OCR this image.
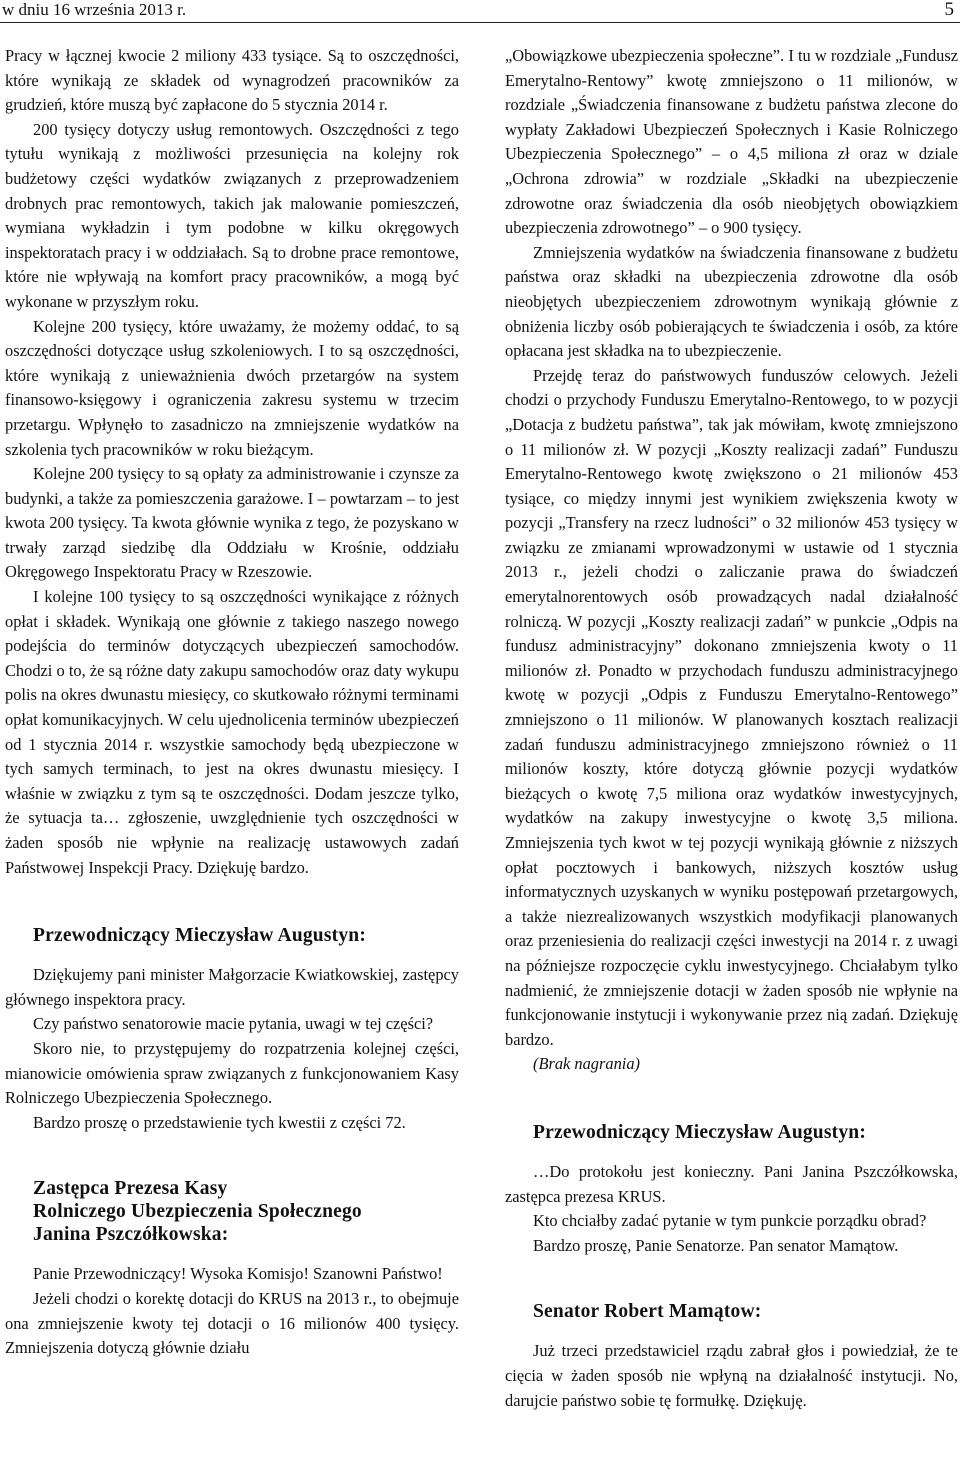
w dniu 16 września 2013 r.	5

Pracy w łącznej kwocie 2 miliony 433 tysiące. Są to oszczędności, które wynikają ze składek od wynagrodzeń pracowników za grudzień, które muszą być zapłacone do 5 stycznia 2014 r.

200 tysięcy dotyczy usług remontowych. Oszczędności z tego tytułu wynikają z możliwości przesunięcia na kolejny rok budżetowy części wydatków związanych z przeprowadzeniem drobnych prac remontowych, takich jak malowanie pomieszczeń, wymiana wykładzin i tym podobne w kilku okręgowych inspektoratach pracy i w oddziałach. Są to drobne prace remontowe, które nie wpływają na komfort pracy pracowników, a mogą być wykonane w przyszłym roku.

Kolejne 200 tysięcy, które uważamy, że możemy oddać, to są oszczędności dotyczące usług szkoleniowych. I to są oszczędności, które wynikają z unieważnienia dwóch przetargów na system finansowo-księgowy i ograniczenia zakresu systemu w trzecim przetargu. Wpłynęło to zasadniczo na zmniejszenie wydatków na szkolenia tych pracowników w roku bieżącym.

Kolejne 200 tysięcy to są opłaty za administrowanie i czynsze za budynki, a także za pomieszczenia garażowe. I – powtarzam – to jest kwota 200 tysięcy. Ta kwota głównie wynika z tego, że pozyskano w trwały zarząd siedzibę dla Oddziału w Krośnie, oddziału Okręgowego Inspektoratu Pracy w Rzeszowie.

I kolejne 100 tysięcy to są oszczędności wynikające z różnych opłat i składek. Wynikają one głównie z takiego naszego nowego podejścia do terminów dotyczących ubezpieczeń samochodów. Chodzi o to, że są różne daty zakupu samochodów oraz daty wykupu polis na okres dwunastu miesięcy, co skutkowało różnymi terminami opłat komunikacyjnych. W celu ujednolicenia terminów ubezpieczeń od 1 stycznia 2014 r. wszystkie samochody będą ubezpieczone w tych samych terminach, to jest na okres dwunastu miesięcy. I właśnie w związku z tym są te oszczędności. Dodam jeszcze tylko, że sytuacja ta… zgłoszenie, uwzględnienie tych oszczędności w żaden sposób nie wpłynie na realizację ustawowych zadań Państwowej Inspekcji Pracy. Dziękuję bardzo.

Przewodniczący Mieczysław Augustyn:

Dziękujemy pani minister Małgorzacie Kwiatkowskiej, zastępcy głównego inspektora pracy.

Czy państwo senatorowie macie pytania, uwagi w tej części?

Skoro nie, to przystępujemy do rozpatrzenia kolejnej części, mianowicie omówienia spraw związanych z funkcjonowaniem Kasy Rolniczego Ubezpieczenia Społecznego.

Bardzo proszę o przedstawienie tych kwestii z części 72.

Zastępca Prezesa Kasy
Rolniczego Ubezpieczenia Społecznego
Janina Pszczółkowska:

Panie Przewodniczący! Wysoka Komisjo! Szanowni Państwo!

Jeżeli chodzi o korektę dotacji do KRUS na 2013 r., to obejmuje ona zmniejszenie kwoty tej dotacji o 16 milionów 400 tysięcy. Zmniejszenia dotyczą głównie działu

„Obowiązkowe ubezpieczenia społeczne”. I tu w rozdziale „Fundusz Emerytalno-Rentowy” kwotę zmniejszono o 11 milionów, w rozdziale „Świadczenia finansowane z budżetu państwa zlecone do wypłaty Zakładowi Ubezpieczeń Społecznych i Kasie Rolniczego Ubezpieczenia Społecznego” – o 4,5 miliona zł oraz w dziale „Ochrona zdrowia” w rozdziale „Składki na ubezpieczenie zdrowotne oraz świadczenia dla osób nieobjętych obowiązkiem ubezpieczenia zdrowotnego” – o 900 tysięcy.

Zmniejszenia wydatków na świadczenia finansowane z budżetu państwa oraz składki na ubezpieczenia zdrowotne dla osób nieobjętych ubezpieczeniem zdrowotnym wynikają głównie z obniżenia liczby osób pobierających te świadczenia i osób, za które opłacana jest składka na to ubezpieczenie.

Przejdę teraz do państwowych funduszów celowych. Jeżeli chodzi o przychody Funduszu Emerytalno-Rentowego, to w pozycji „Dotacja z budżetu państwa”, tak jak mówiłam, kwotę zmniejszono o 11 milionów zł. W pozycji „Koszty realizacji zadań” Funduszu Emerytalno-Rentowego kwotę zwiększono o 21 milionów 453 tysiące, co między innymi jest wynikiem zwiększenia kwoty w pozycji „Transfery na rzecz ludności” o 32 milionów 453 tysięcy w związku ze zmianami wprowadzonymi w ustawie od 1 stycznia 2013 r., jeżeli chodzi o zaliczanie prawa do świadczeń emerytalnorentowych osób prowadzących nadal działalność rolniczą. W pozycji „Koszty realizacji zadań” w punkcie „Odpis na fundusz administracyjny” dokonano zmniejszenia kwoty o 11 milionów zł. Ponadto w przychodach funduszu administracyjnego kwotę w pozycji „Odpis z Funduszu Emerytalno-Rentowego” zmniejszono o 11 milionów. W planowanych kosztach realizacji zadań funduszu administracyjnego zmniejszono również o 11 milionów koszty, które dotyczą głównie pozycji wydatków bieżących o kwotę 7,5 miliona oraz wydatków inwestycyjnych, wydatków na zakupy inwestycyjne o kwotę 3,5 miliona. Zmniejszenia tych kwot w tej pozycji wynikają głównie z niższych opłat pocztowych i bankowych, niższych kosztów usług informatycznych uzyskanych w wyniku postępowań przetargowych, a także niezrealizowanych wszystkich modyfikacji planowanych oraz przeniesienia do realizacji części inwestycji na 2014 r. z uwagi na późniejsze rozpoczęcie cyklu inwestycyjnego. Chciałabym tylko nadmienić, że zmniejszenie dotacji w żaden sposób nie wpłynie na funkcjonowanie instytucji i wykonywanie przez nią zadań. Dziękuję bardzo.

(Brak nagrania)

Przewodniczący Mieczysław Augustyn:

…Do protokołu jest konieczny. Pani Janina Pszczółkowska, zastępca prezesa KRUS.

Kto chciałby zadać pytanie w tym punkcie porządku obrad?

Bardzo proszę, Panie Senatorze. Pan senator Mamątow.

Senator Robert Mamątow:

Już trzeci przedstawiciel rządu zabrał głos i powiedział, że te cięcia w żaden sposób nie wpłyną na działalność instytucji. No, darujcie państwo sobie tę formułkę. Dziękuję.
